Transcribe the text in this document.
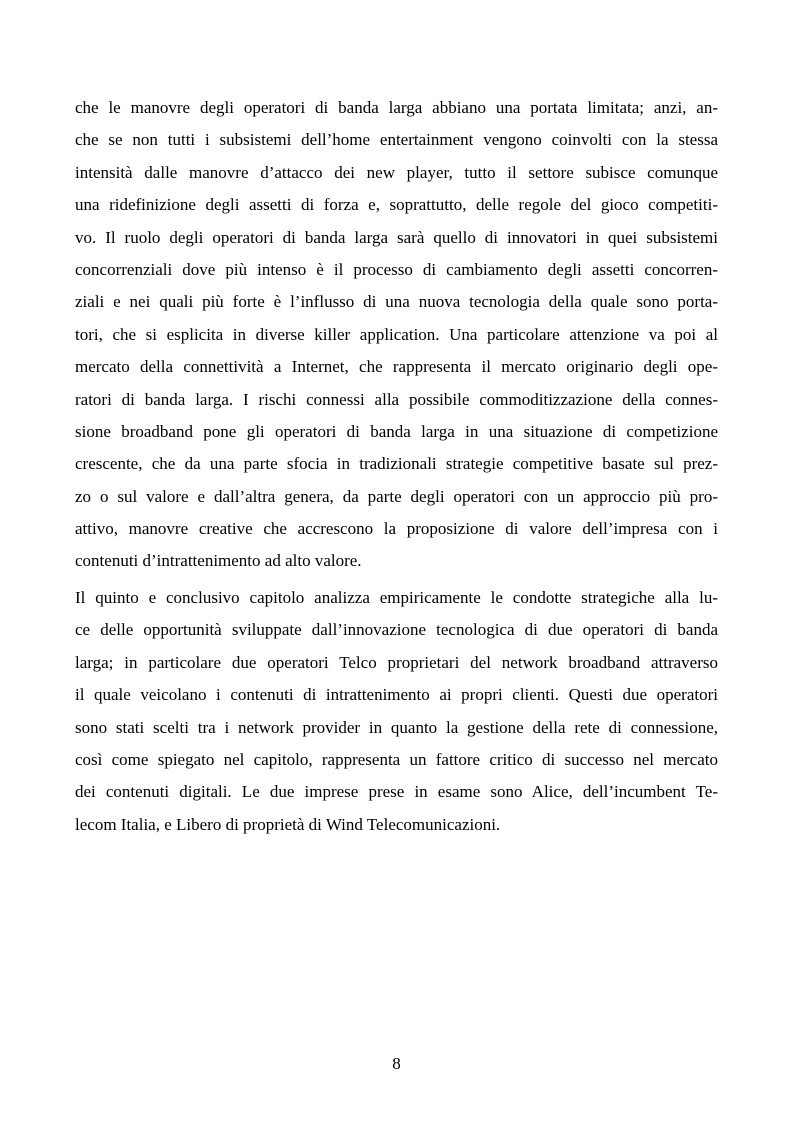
che le manovre degli operatori di banda larga abbiano una portata limitata; anzi, an-
che se non tutti i subsistemi dell’home entertainment vengono coinvolti con la stessa
intensità dalle manovre d’attacco dei new player, tutto il settore subisce comunque
una ridefinizione degli assetti di forza e, soprattutto, delle regole del gioco competiti-
vo. Il ruolo degli operatori di banda larga sarà quello di innovatori in quei subsistemi
concorrenziali dove più intenso è il processo di cambiamento degli assetti concorren-
ziali e nei quali più forte è l’influsso di una nuova tecnologia della quale sono porta-
tori, che si esplicita in diverse killer application. Una particolare attenzione va poi al
mercato della connettività a Internet, che rappresenta il mercato originario degli ope-
ratori di banda larga. I rischi connessi alla possibile commoditizzazione della connes-
sione broadband pone gli operatori di banda larga in una situazione di competizione
crescente, che da una parte sfocia in tradizionali strategie competitive basate sul prez-
zo o sul valore e dall’altra genera, da parte degli operatori con un approccio più pro-
attivo, manovre creative che accrescono la proposizione di valore dell’impresa con i
contenuti d’intrattenimento ad alto valore.

Il quinto e conclusivo capitolo analizza empiricamente le condotte strategiche alla lu-
ce delle opportunità sviluppate dall’innovazione tecnologica di due operatori di banda
larga; in particolare due operatori Telco proprietari del network broadband attraverso
il quale veicolano i contenuti di intrattenimento ai propri clienti. Questi due operatori
sono stati scelti tra i network provider in quanto la gestione della rete di connessione,
così come spiegato nel capitolo, rappresenta un fattore critico di successo nel mercato
dei contenuti digitali. Le due imprese prese in esame sono Alice, dell’incumbent Te-
lecom Italia, e Libero di proprietà di Wind Telecomunicazioni.

8
